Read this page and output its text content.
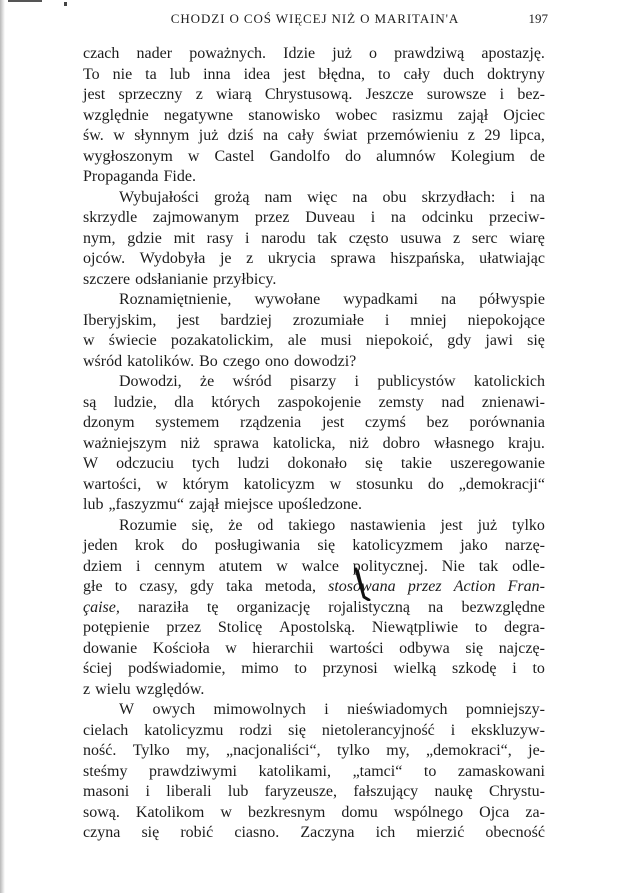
CHODZI O COŚ WIĘCEJ NIŻ O MARITAIN'A	197
czach nader poważnych. Idzie już o prawdziwą apostazję.
To nie ta lub inna idea jest błędna, to cały duch doktryny
jest sprzeczny z wiarą Chrystusową. Jeszcze surowsze i bez-
względnie negatywne stanowisko wobec rasizmu zajął Ojciec
św. w słynnym już dziś na cały świat przemówieniu z 29 lipca,
wygłoszonym w Castel Gandolfo do alumnów Kolegium de
Propaganda Fide.
Wybujałości grożą nam więc na obu skrzydłach: i na
skrzydle zajmowanym przez Duveau i na odcinku przeciw-
nym, gdzie mit rasy i narodu tak często usuwa z serc wiarę
ojców. Wydobyła je z ukrycia sprawa hiszpańska, ułatwiając
szczere odsłanianie przyłbicy.
Roznamiętnienie, wywołane wypadkami na półwyspie
Iberyjskim, jest bardziej zrozumiałe i mniej niepokojące
w świecie pozakatolickim, ale musi niepokoić, gdy jawi się
wśród katolików. Bo czego ono dowodzi?
Dowodzi, że wśród pisarzy i publicystów katolickich
są ludzie, dla których zaspokojenie zemsty nad znienawi-
dzonym systemem rządzenia jest czymś bez porównania
ważniejszym niż sprawa katolicka, niż dobro własnego kraju.
W odczuciu tych ludzi dokonało się takie uszeregowanie
wartości, w którym katolicyzm w stosunku do „demokracji“
lub „faszyzmu“ zajął miejsce upośledzone.
Rozumie się, że od takiego nastawienia jest już tylko
jeden krok do posługiwania się katolicyzmem jako narzę-
dziem i cennym atutem w walce politycznej. Nie tak odle-
głe to czasy, gdy taka metoda, stosowana przez Action Fran-
çaise, naraziła tę organizację rojalistyczną na bezwzględne
potępienie przez Stolicę Apostolską. Niewątpliwie to degra-
dowanie Kościoła w hierarchii wartości odbywa się najczę-
ściej podświadomie, mimo to przynosi wielką szkodę i to
z wielu względów.
W owych mimowolnych i nieświadomych pomniejszy-
cielach katolicyzmu rodzi się nietolerancyjność i ekskluzyw-
ność. Tylko my, „nacjonaliści“, tylko my, „demokraci“, je-
steśmy prawdziwymi katolikami, „tamci“ to zamaskowani
masoni i liberali lub faryzeusze, fałszujący naukę Chrystu-
sową. Katolikom w bezkresnym domu wspólnego Ojca za-
czyna się robić ciasno. Zaczyna ich mierzić obecność
